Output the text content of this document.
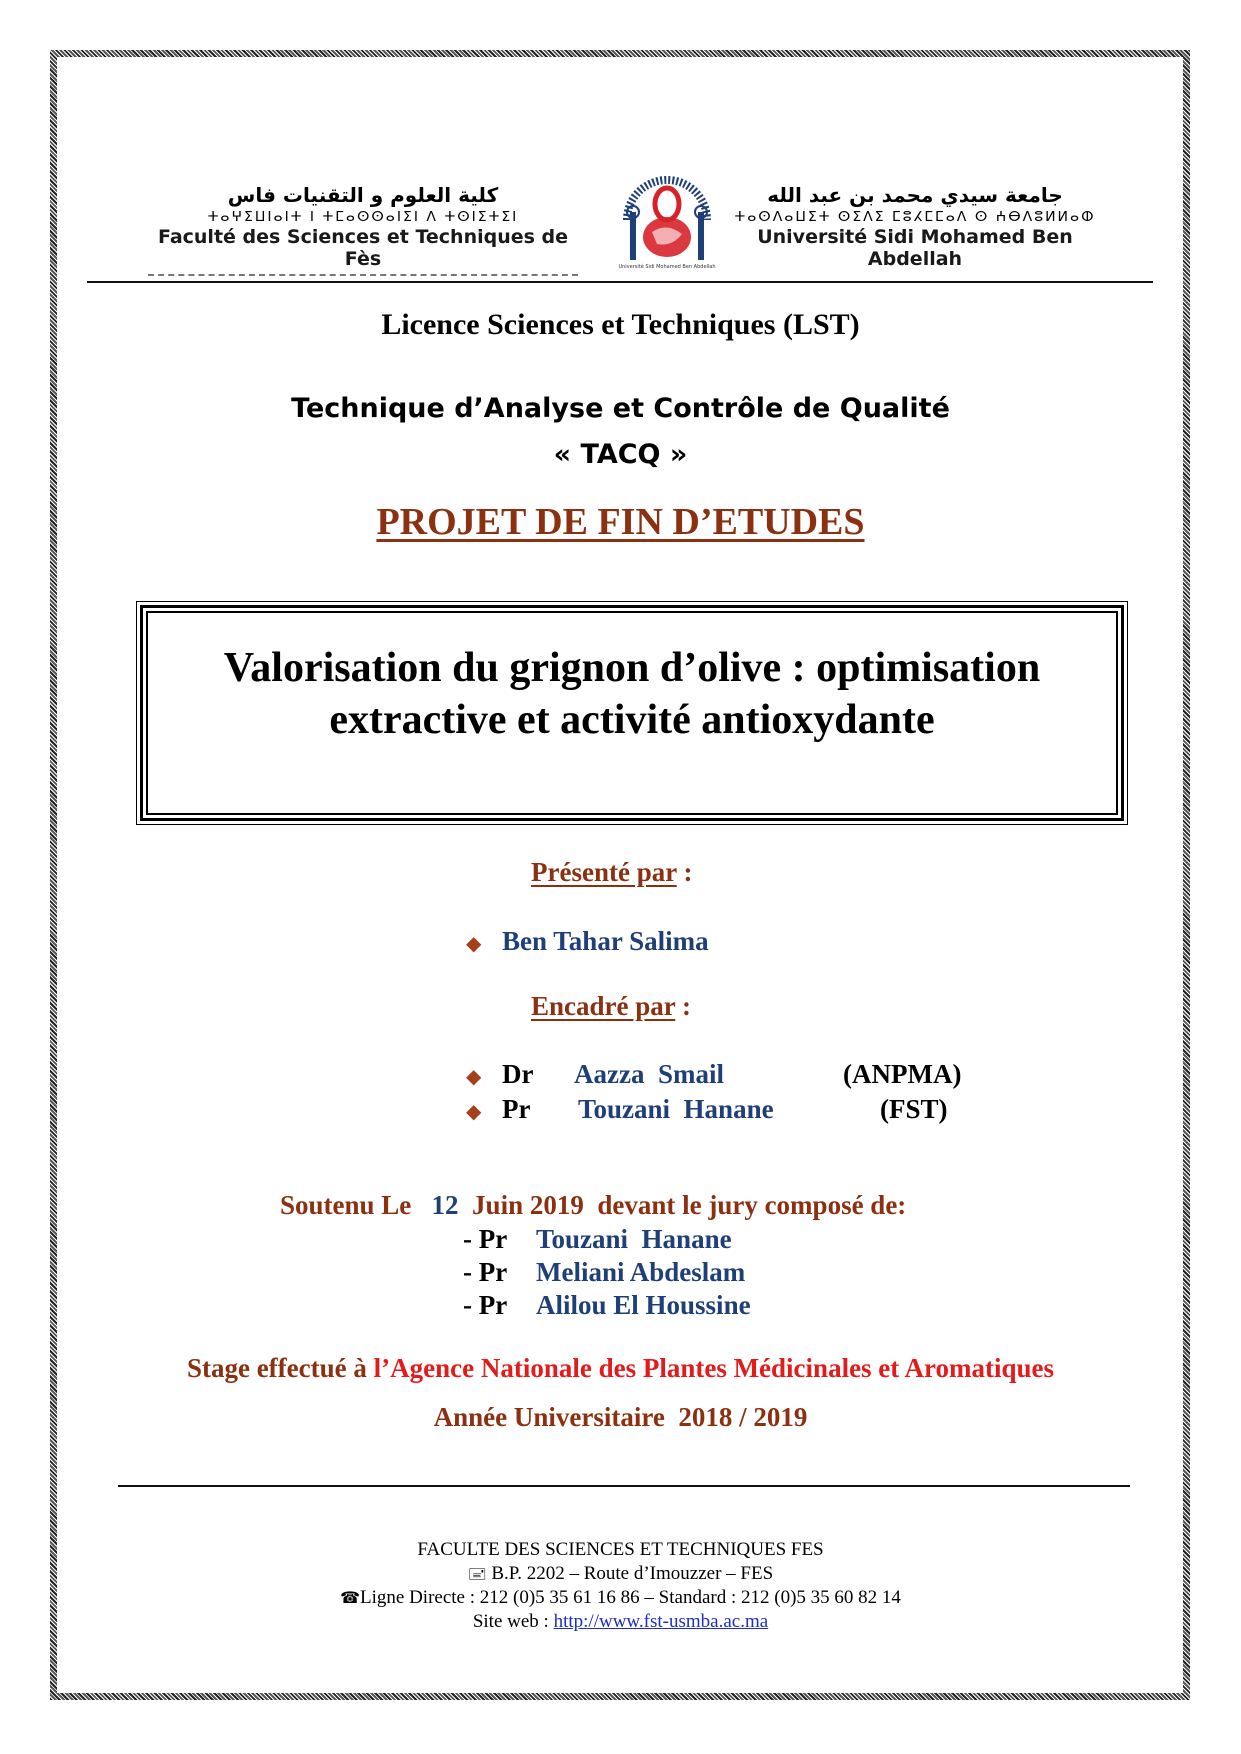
كلية العلوم و التقنيات فاس
ⵜⴰⵖⵉⵡⵏⴰⵏⵜ ⵏ ⵜⵎⴰⵙⵙⴰⵏⵉⵏ ⴷ ⵜⵙⵏⵉⵜⵉⵏ
Faculté des Sciences et Techniques de Fès	Université Sidi Mohamed Ben Abdellah
جامعة سيدي محمد بن عبد الله
ⵜⴰⵙⴷⴰⵡⵉⵜ ⵙⵉⴷⵉ ⵎⵓⵃⵎⵎⴰⴷ ⵙ ⵄⴱⴷⵓⵍⵍⴰⵀ
Université Sidi Mohamed Ben Abdellah
Licence Sciences et Techniques (LST)
Technique d’Analyse et Contrôle de Qualité
« TACQ »
PROJET DE FIN D’ETUDES
Valorisation du grignon d’olive : optimisation
extractive et activité antioxydante
Présenté par :
◆ Ben Tahar Salima
Encadré par :
◆ Dr Aazza  Smail	(ANPMA)
◆ Pr Touzani  Hanane	(FST)
Soutenu Le 12 Juin 2019 devant le jury composé de:
- Pr Touzani  Hanane
- Pr Meliani Abdeslam
- Pr Alilou El Houssine
Stage effectué à l’Agence Nationale des Plantes Médicinales et Aromatiques
Année Universitaire  2018 / 2019
FACULTE DES SCIENCES ET TECHNIQUES FES
🖃 B.P. 2202 – Route d’Imouzzer – FES
☎Ligne Directe : 212 (0)5 35 61 16 86 – Standard : 212 (0)5 35 60 82 14
Site web : http://www.fst-usmba.ac.ma
